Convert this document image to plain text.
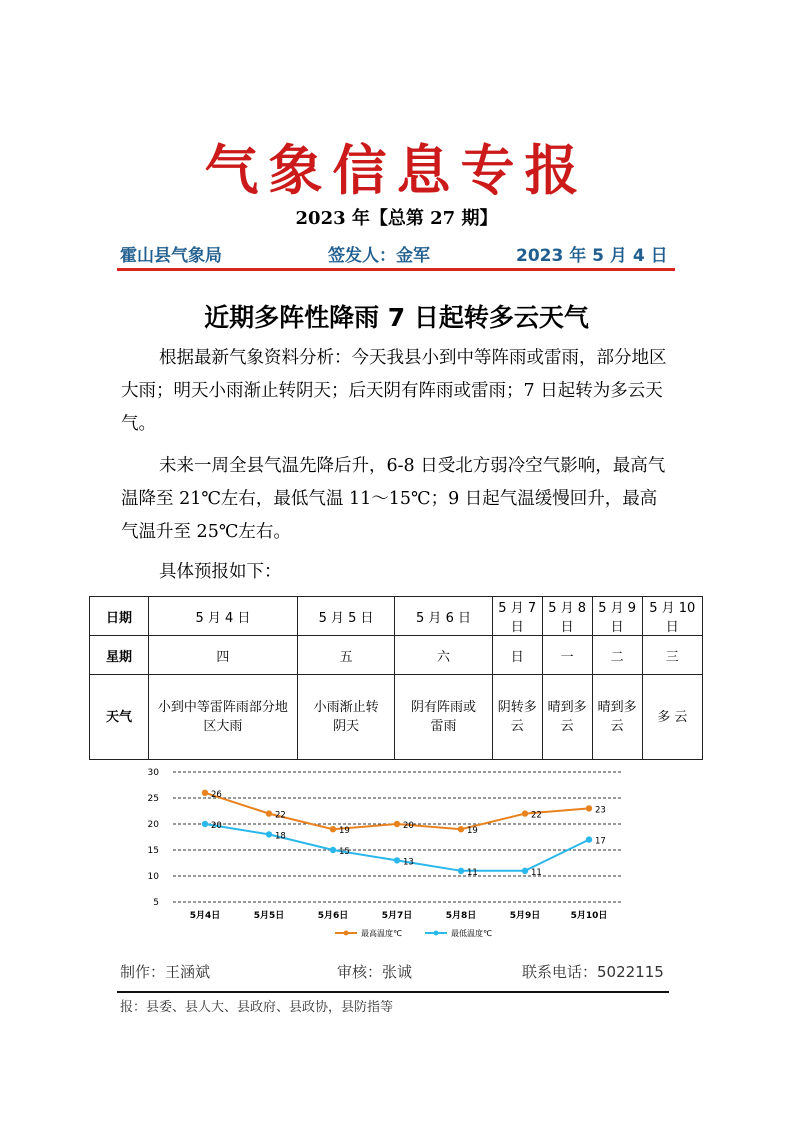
气象信息专报
2023 年【总第 27 期】
霍山县气象局	签发人：金军	2023 年 5 月 4 日
近期多阵性降雨 7 日起转多云天气
根据最新气象资料分析：今天我县小到中等阵雨或雷雨，部分地区大雨；明天小雨渐止转阴天；后天阴有阵雨或雷雨；7 日起转为多云天气。
未来一周全县气温先降后升，6-8 日受北方弱冷空气影响，最高气温降至 21℃左右，最低气温 11～15℃；9 日起气温缓慢回升，最高气温升至 25℃左右。
具体预报如下：
日期	5 月 4 日	5 月 5 日	5 月 6 日	5 月 7 日	5 月 8 日	5 月 9 日	5 月 10 日
星期	四	五	六	日	一	二	三
天气	小到中等雷阵雨部分地区大雨	小雨渐止转阴天	阴有阵雨或雷雨	阴转多云	晴到多云	晴到多云	多 云
5
10
15
20
25
30
5月4日	5月5日	5月6日	5月7日	5月8日	5月9日	5月10日
26
22
19
20
19
22
23
20
18
15
13
11	11
17
最高温度℃	最低温度℃
制作：王涵斌	审核：张诚	联系电话：5022115
报：县委、县人大、县政府、县政协，县防指等
